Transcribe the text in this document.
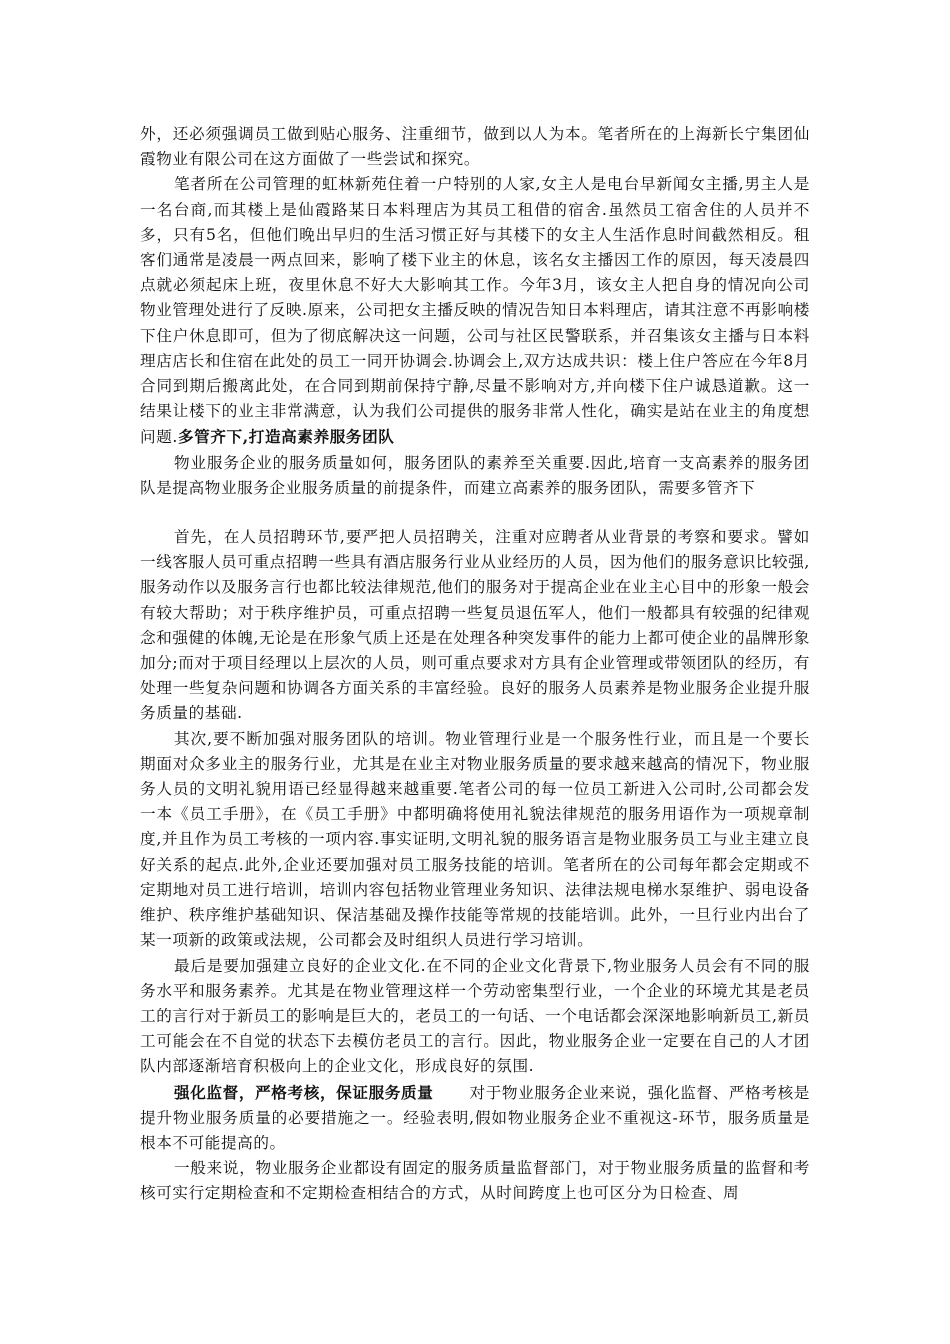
外，还必须强调员工做到贴心服务、注重细节，做到以人为本。笔者所在的上海新长宁集团仙霞物业有限公司在这方面做了一些尝试和探究。

笔者所在公司管理的虹林新苑住着一户特别的人家,女主人是电台早新闻女主播,男主人是一名台商,而其楼上是仙霞路某日本料理店为其员工租借的宿舍.虽然员工宿舍住的人员并不多，只有5名，但他们晚出早归的生活习惯正好与其楼下的女主人生活作息时间截然相反。租客们通常是凌晨一两点回来，影响了楼下业主的休息，该名女主播因工作的原因，每天凌晨四点就必须起床上班，夜里休息不好大大影响其工作。今年3月，该女主人把自身的情况向公司物业管理处进行了反映.原来，公司把女主播反映的情况告知日本料理店，请其注意不再影响楼下住户休息即可，但为了彻底解决这一问题，公司与社区民警联系，并召集该女主播与日本料理店店长和住宿在此处的员工一同开协调会.协调会上,双方达成共识：楼上住户答应在今年8月合同到期后搬离此处，在合同到期前保持宁静,尽量不影响对方,并向楼下住户诚恳道歉。这一结果让楼下的业主非常满意，认为我们公司提供的服务非常人性化，确实是站在业主的角度想问题.多管齐下,打造高素养服务团队

物业服务企业的服务质量如何，服务团队的素养至关重要.因此,培育一支高素养的服务团队是提高物业服务企业服务质量的前提条件，而建立高素养的服务团队，需要多管齐下

首先，在人员招聘环节,要严把人员招聘关，注重对应聘者从业背景的考察和要求。譬如一线客服人员可重点招聘一些具有酒店服务行业从业经历的人员，因为他们的服务意识比较强,服务动作以及服务言行也都比较法律规范,他们的服务对于提高企业在业主心目中的形象一般会有较大帮助；对于秩序维护员，可重点招聘一些复员退伍军人，他们一般都具有较强的纪律观念和强健的体魄,无论是在形象气质上还是在处理各种突发事件的能力上都可使企业的晶牌形象加分;而对于项目经理以上层次的人员，则可重点要求对方具有企业管理或带领团队的经历，有处理一些复杂问题和协调各方面关系的丰富经验。良好的服务人员素养是物业服务企业提升服务质量的基础.

其次,要不断加强对服务团队的培训。物业管理行业是一个服务性行业，而且是一个要长期面对众多业主的服务行业，尤其是在业主对物业服务质量的要求越来越高的情况下，物业服务人员的文明礼貌用语已经显得越来越重要.笔者公司的每一位员工新进入公司时,公司都会发一本《员工手册》，在《员工手册》中都明确将使用礼貌法律规范的服务用语作为一项规章制度,并且作为员工考核的一项内容.事实证明,文明礼貌的服务语言是物业服务员工与业主建立良好关系的起点.此外,企业还要加强对员工服务技能的培训。笔者所在的公司每年都会定期或不定期地对员工进行培训，培训内容包括物业管理业务知识、法律法规电梯水泵维护、弱电设备维护、秩序维护基础知识、保洁基础及操作技能等常规的技能培训。此外，一旦行业内出台了某一项新的政策或法规，公司都会及时组织人员进行学习培训。

最后是要加强建立良好的企业文化.在不同的企业文化背景下,物业服务人员会有不同的服务水平和服务素养。尤其是在物业管理这样一个劳动密集型行业，一个企业的环境尤其是老员工的言行对于新员工的影响是巨大的，老员工的一句话、一个电话都会深深地影响新员工,新员工可能会在不自觉的状态下去模仿老员工的言行。因此，物业服务企业一定要在自己的人才团队内部逐渐培育积极向上的企业文化，形成良好的氛围.

强化监督，严格考核，保证服务质量 对于物业服务企业来说，强化监督、严格考核是提升物业服务质量的必要措施之一。经验表明,假如物业服务企业不重视这-环节，服务质量是根本不可能提高的。

一般来说，物业服务企业都设有固定的服务质量监督部门，对于物业服务质量的监督和考核可实行定期检查和不定期检查相结合的方式，从时间跨度上也可区分为日检查、周
